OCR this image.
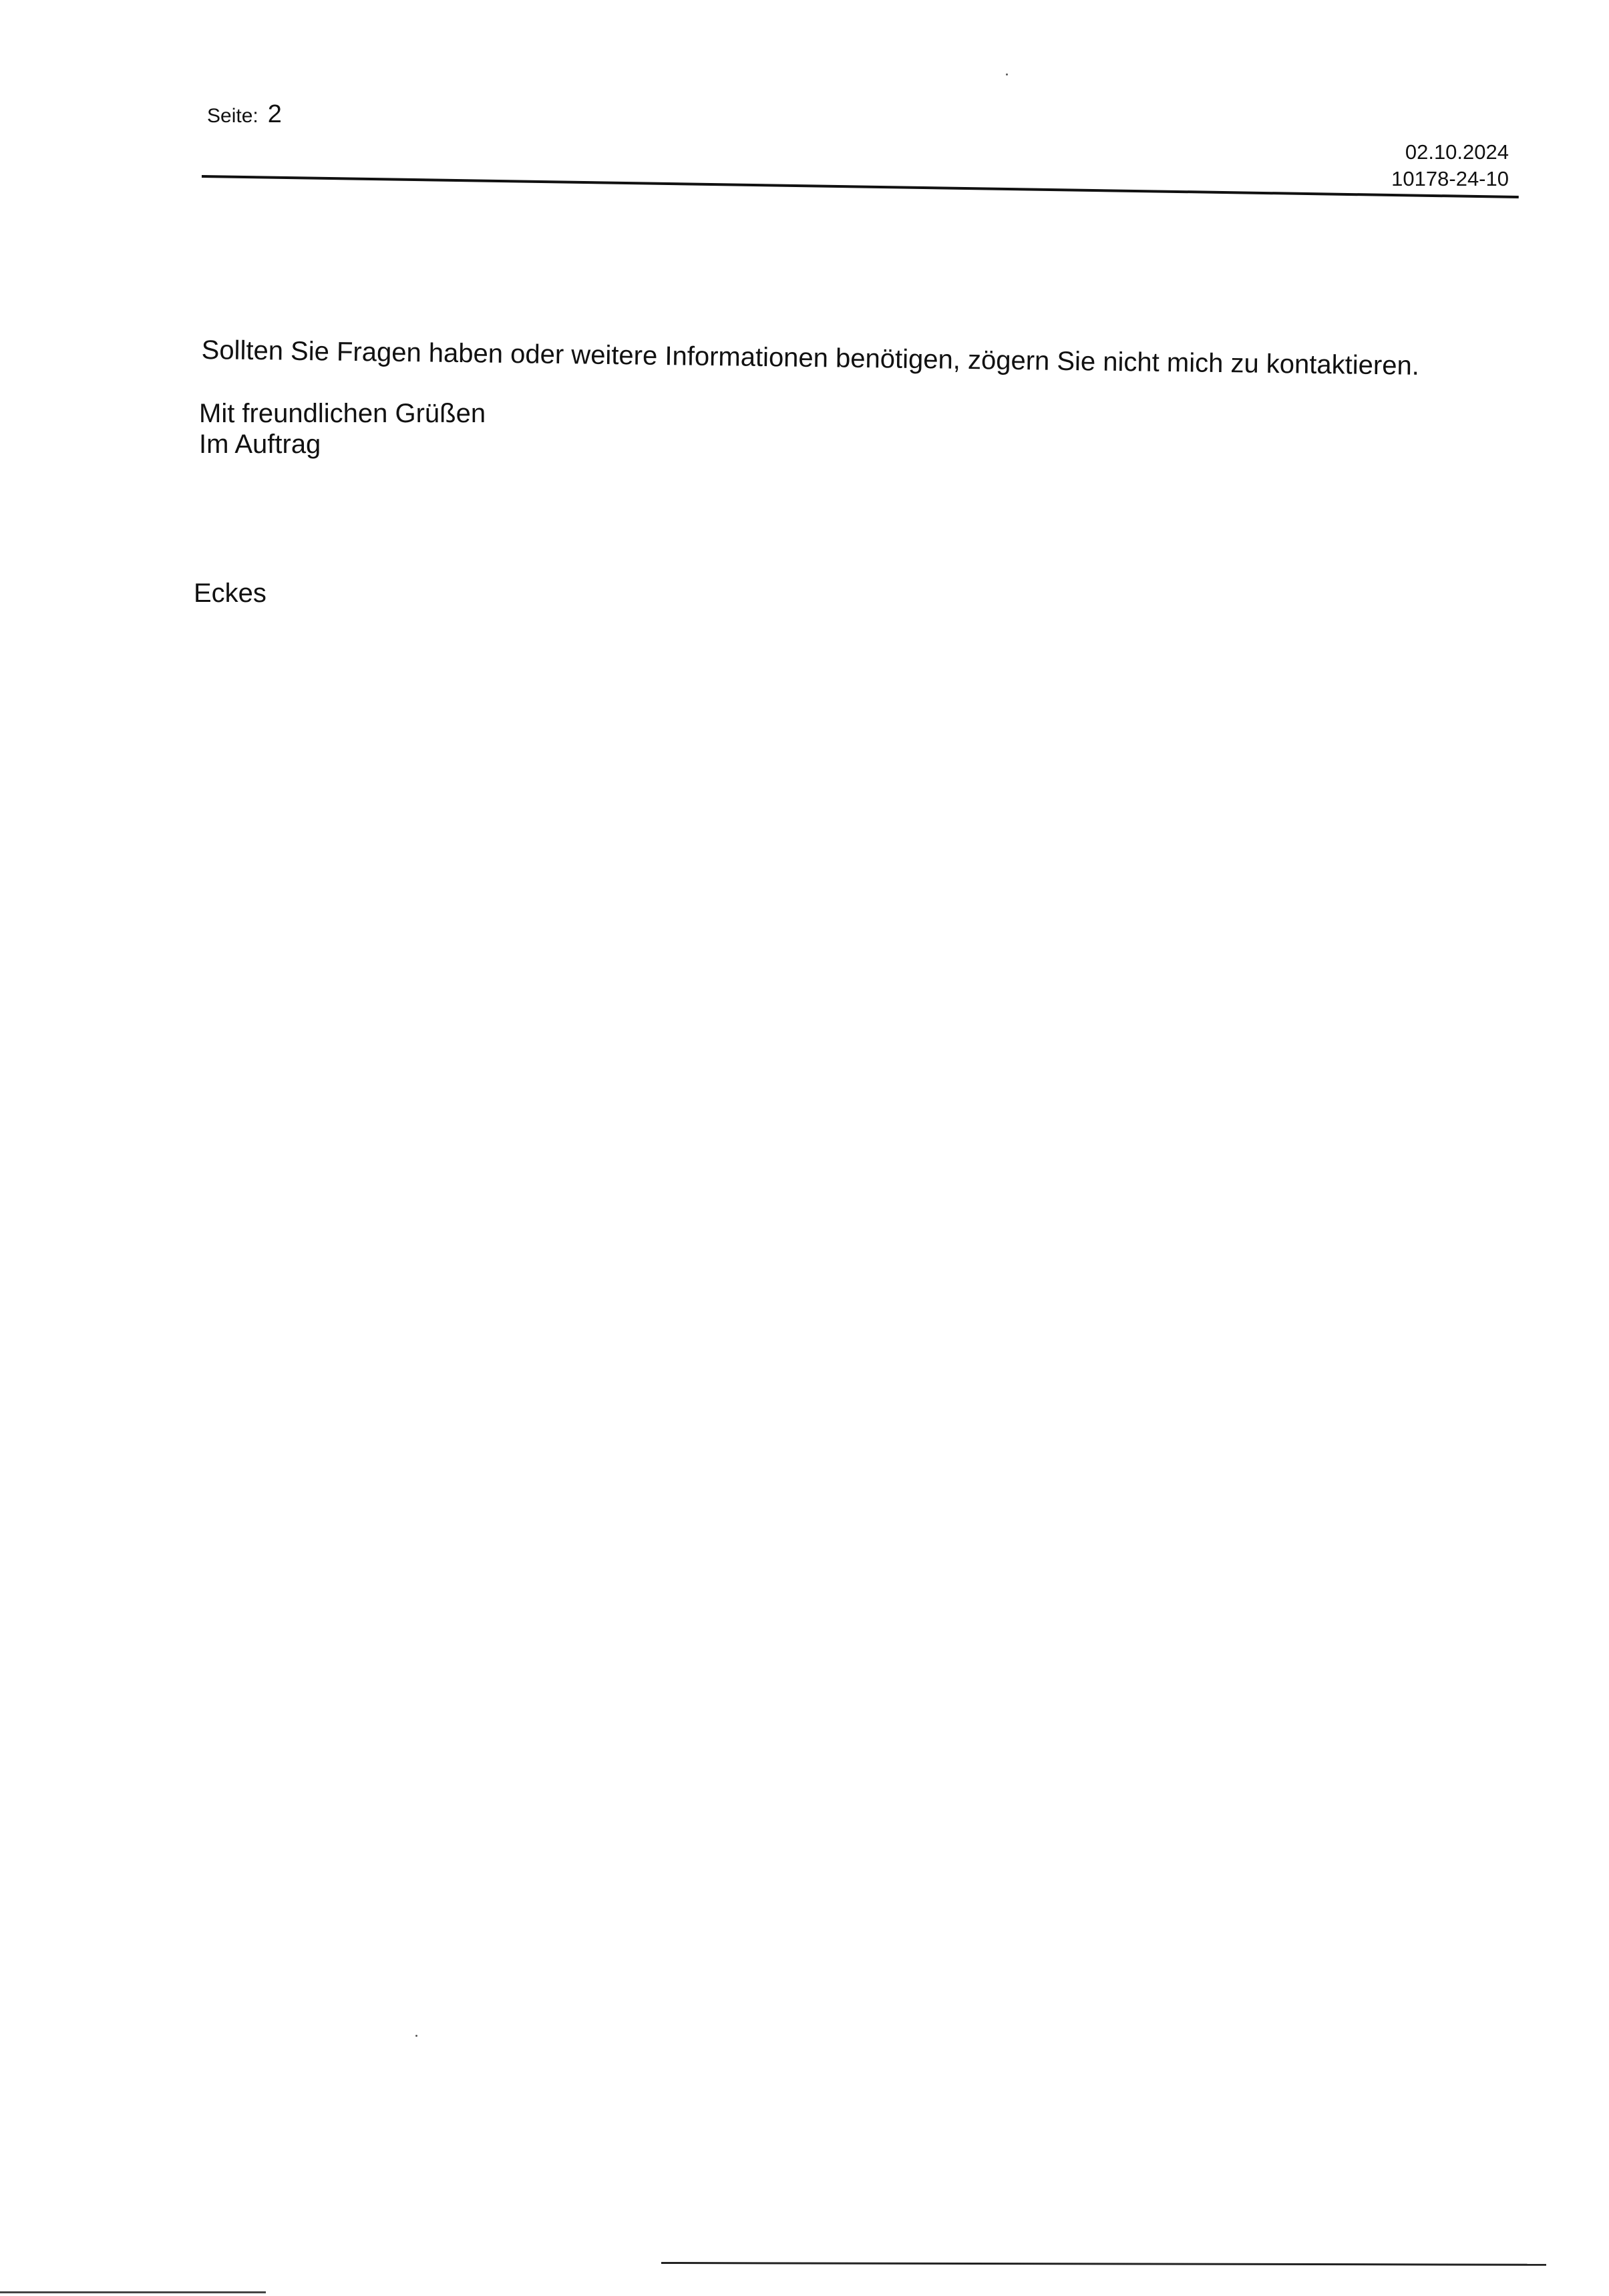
Seite: 2
02.10.2024
10178-24-10
Sollten Sie Fragen haben oder weitere Informationen benötigen, zögern Sie nicht mich zu kontaktieren.
Mit freundlichen Grüßen
Im Auftrag
Eckes
